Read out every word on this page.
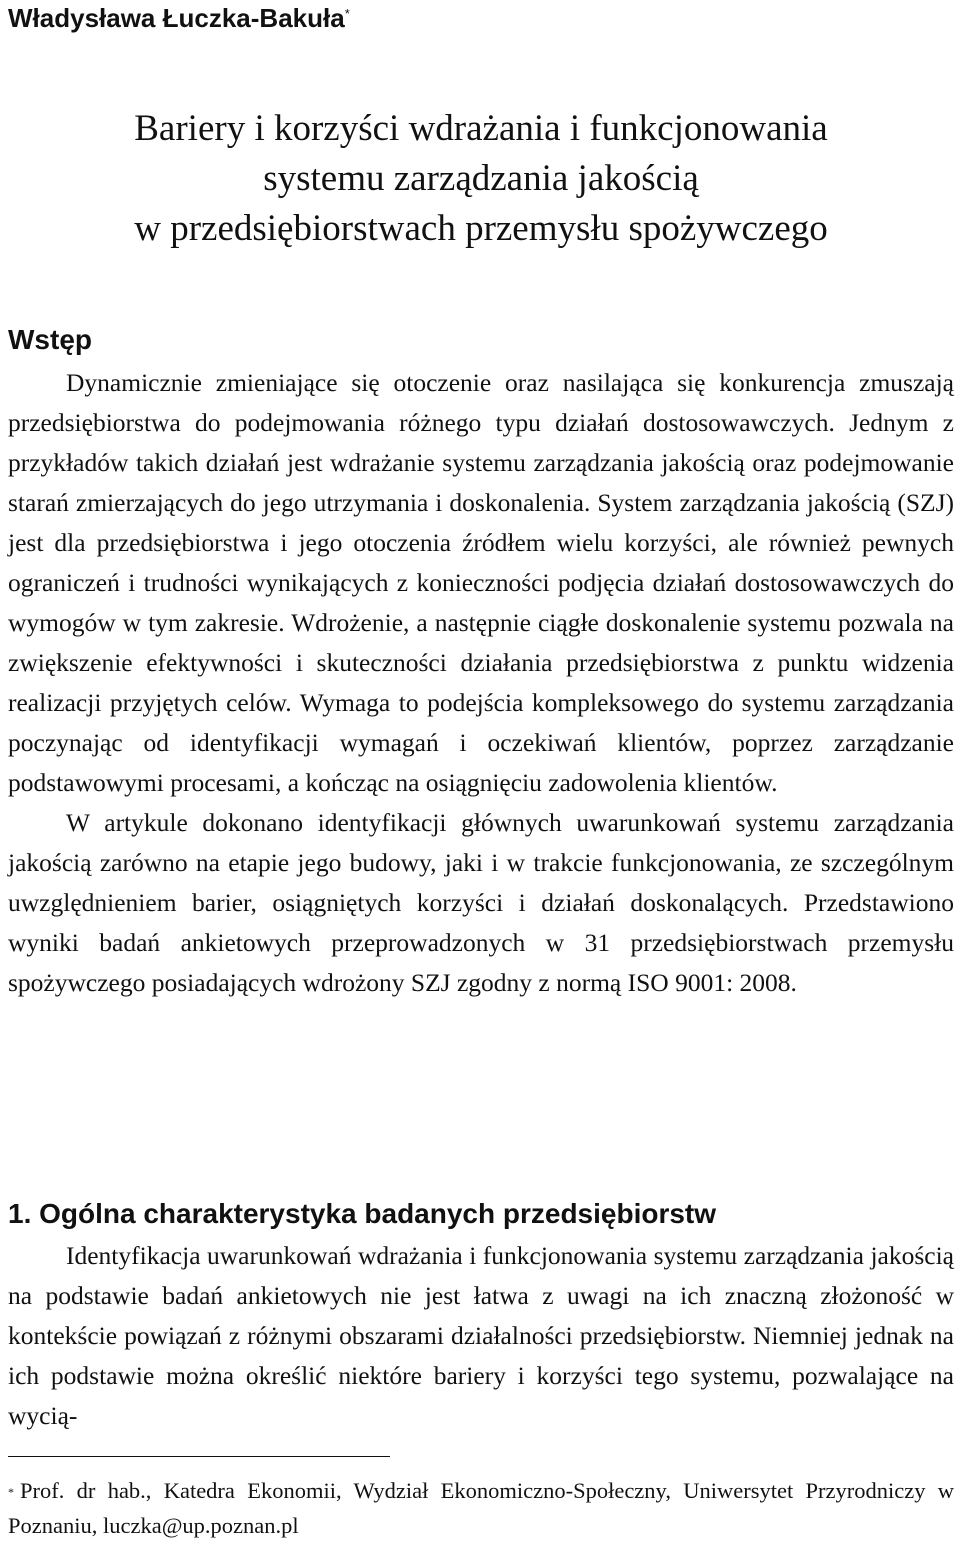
Władysława Łuczka-Bakuła*
Bariery i korzyści wdrażania i funkcjonowania
systemu zarządzania jakością
w przedsiębiorstwach przemysłu spożywczego
Wstęp

Dynamicznie zmieniające się otoczenie oraz nasilająca się konkurencja zmuszają przedsiębiorstwa do podejmowania różnego typu działań dostosowawczych. Jednym z przykładów takich działań jest wdrażanie systemu zarządzania jakością oraz podejmowanie starań zmierzających do jego utrzymania i doskonalenia. System zarządzania jakością (SZJ) jest dla przedsiębiorstwa i jego otoczenia źródłem wielu korzyści, ale również pewnych ograniczeń i trudności wynikających z konieczności podjęcia działań dostosowawczych do wymogów w tym zakresie. Wdrożenie, a następnie ciągłe doskonalenie systemu pozwala na zwiększenie efektywności i skuteczności działania przedsiębiorstwa z punktu widzenia realizacji przyjętych celów. Wymaga to podejścia kompleksowego do systemu zarządzania poczynając od identyfikacji wymagań i oczekiwań klientów, poprzez zarządzanie podstawowymi procesami, a kończąc na osiągnięciu zadowolenia klientów.

W artykule dokonano identyfikacji głównych uwarunkowań systemu zarządzania jakością zarówno na etapie jego budowy, jaki i w trakcie funkcjonowania, ze szczególnym uwzględnieniem barier, osiągniętych korzyści i działań doskonalących. Przedstawiono wyniki badań ankietowych przeprowadzonych w 31 przedsiębiorstwach przemysłu spożywczego posiadających wdrożony SZJ zgodny z normą ISO 9001: 2008.

1. Ogólna charakterystyka badanych przedsiębiorstw

Identyfikacja uwarunkowań wdrażania i funkcjonowania systemu zarządzania jakością na podstawie badań ankietowych nie jest łatwa z uwagi na ich znaczną złożoność w kontekście powiązań z różnymi obszarami działalności przedsiębiorstw. Niemniej jednak na ich podstawie można określić niektóre bariery i korzyści tego systemu, pozwalające na wycią-

* Prof. dr hab., Katedra Ekonomii, Wydział Ekonomiczno-Społeczny, Uniwersytet Przyrodniczy w Poznaniu, luczka@up.poznan.pl
